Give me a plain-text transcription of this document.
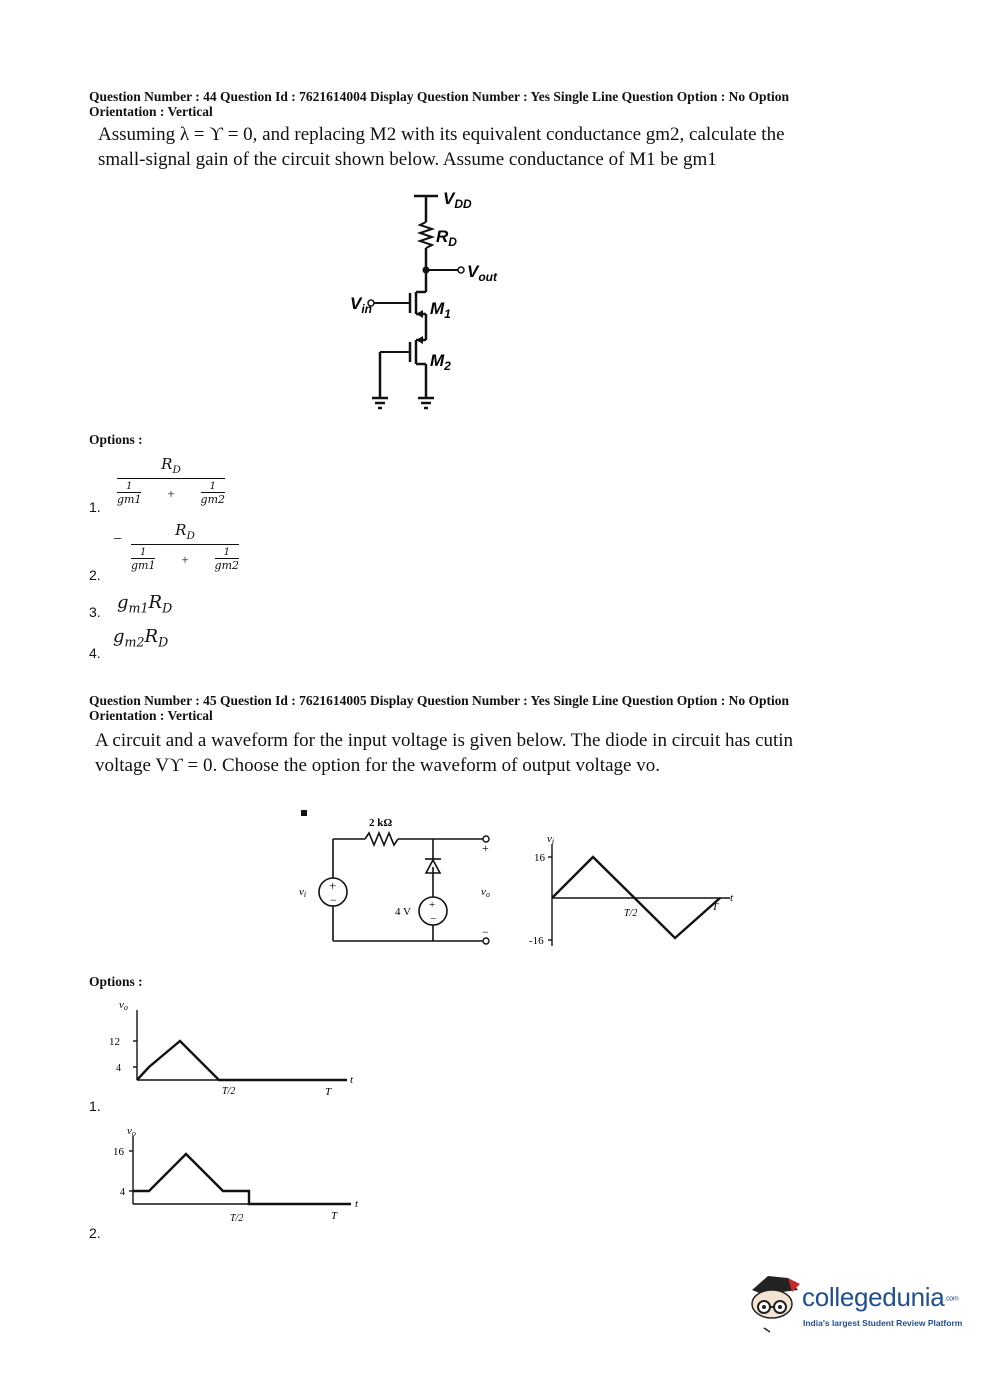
Question Number : 44 Question Id : 7621614004 Display Question Number : Yes Single Line Question Option : No Option
Orientation : Vertical
Assuming λ = ϒ = 0, and replacing M2 with its equivalent conductance gm2, calculate the
small-signal gain of the circuit shown below. Assume conductance of M1 be gm1
$V_{DD}$
$R_D$
$V_{out}$
$V_{in}$	$M_1$
$M_2$
Options :
1.
$R_D$
$\frac{1}{gm1}$ +	$\frac{1}{gm2}$
2.
−
$R_D$
$\frac{1}{gm1}$ +	$\frac{1}{gm2}$
3. $g_{m1}R_D$
4.
$g_{m2}R_D$
Question Number : 45 Question Id : 7621614005 Display Question Number : Yes Single Line Question Option : No Option
Orientation : Vertical
A circuit and a waveform for the input voltage is given below. The diode in circuit has cutin
voltage Vϒ = 0. Choose the option for the waveform of output voltage vo.
2 kΩ
4 V
+
−	+
−
+
−
vi	vo
vi
16
-16
T/2
T
t
Options :
1.
vo
12
4
T/2	T
t
2.
vo
16
4
T/2	T
t
collegedunia.com
India's largest Student Review Platform
